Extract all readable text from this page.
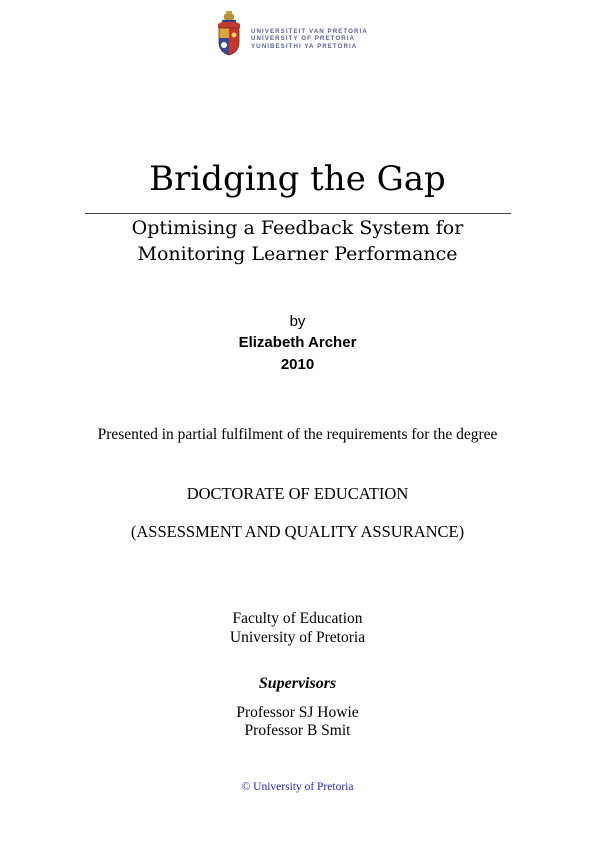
UNIVERSITEIT VAN PRETORIA
UNIVERSITY OF PRETORIA
YUNIBESITHI YA PRETORIA
Bridging the Gap
Optimising a Feedback System for
Monitoring Learner Performance
by
Elizabeth Archer
2010
Presented in partial fulfilment of the requirements for the degree
DOCTORATE OF EDUCATION
(ASSESSMENT AND QUALITY ASSURANCE)
Faculty of Education
University of Pretoria
Supervisors
Professor SJ Howie
Professor B Smit
© University of Pretoria
